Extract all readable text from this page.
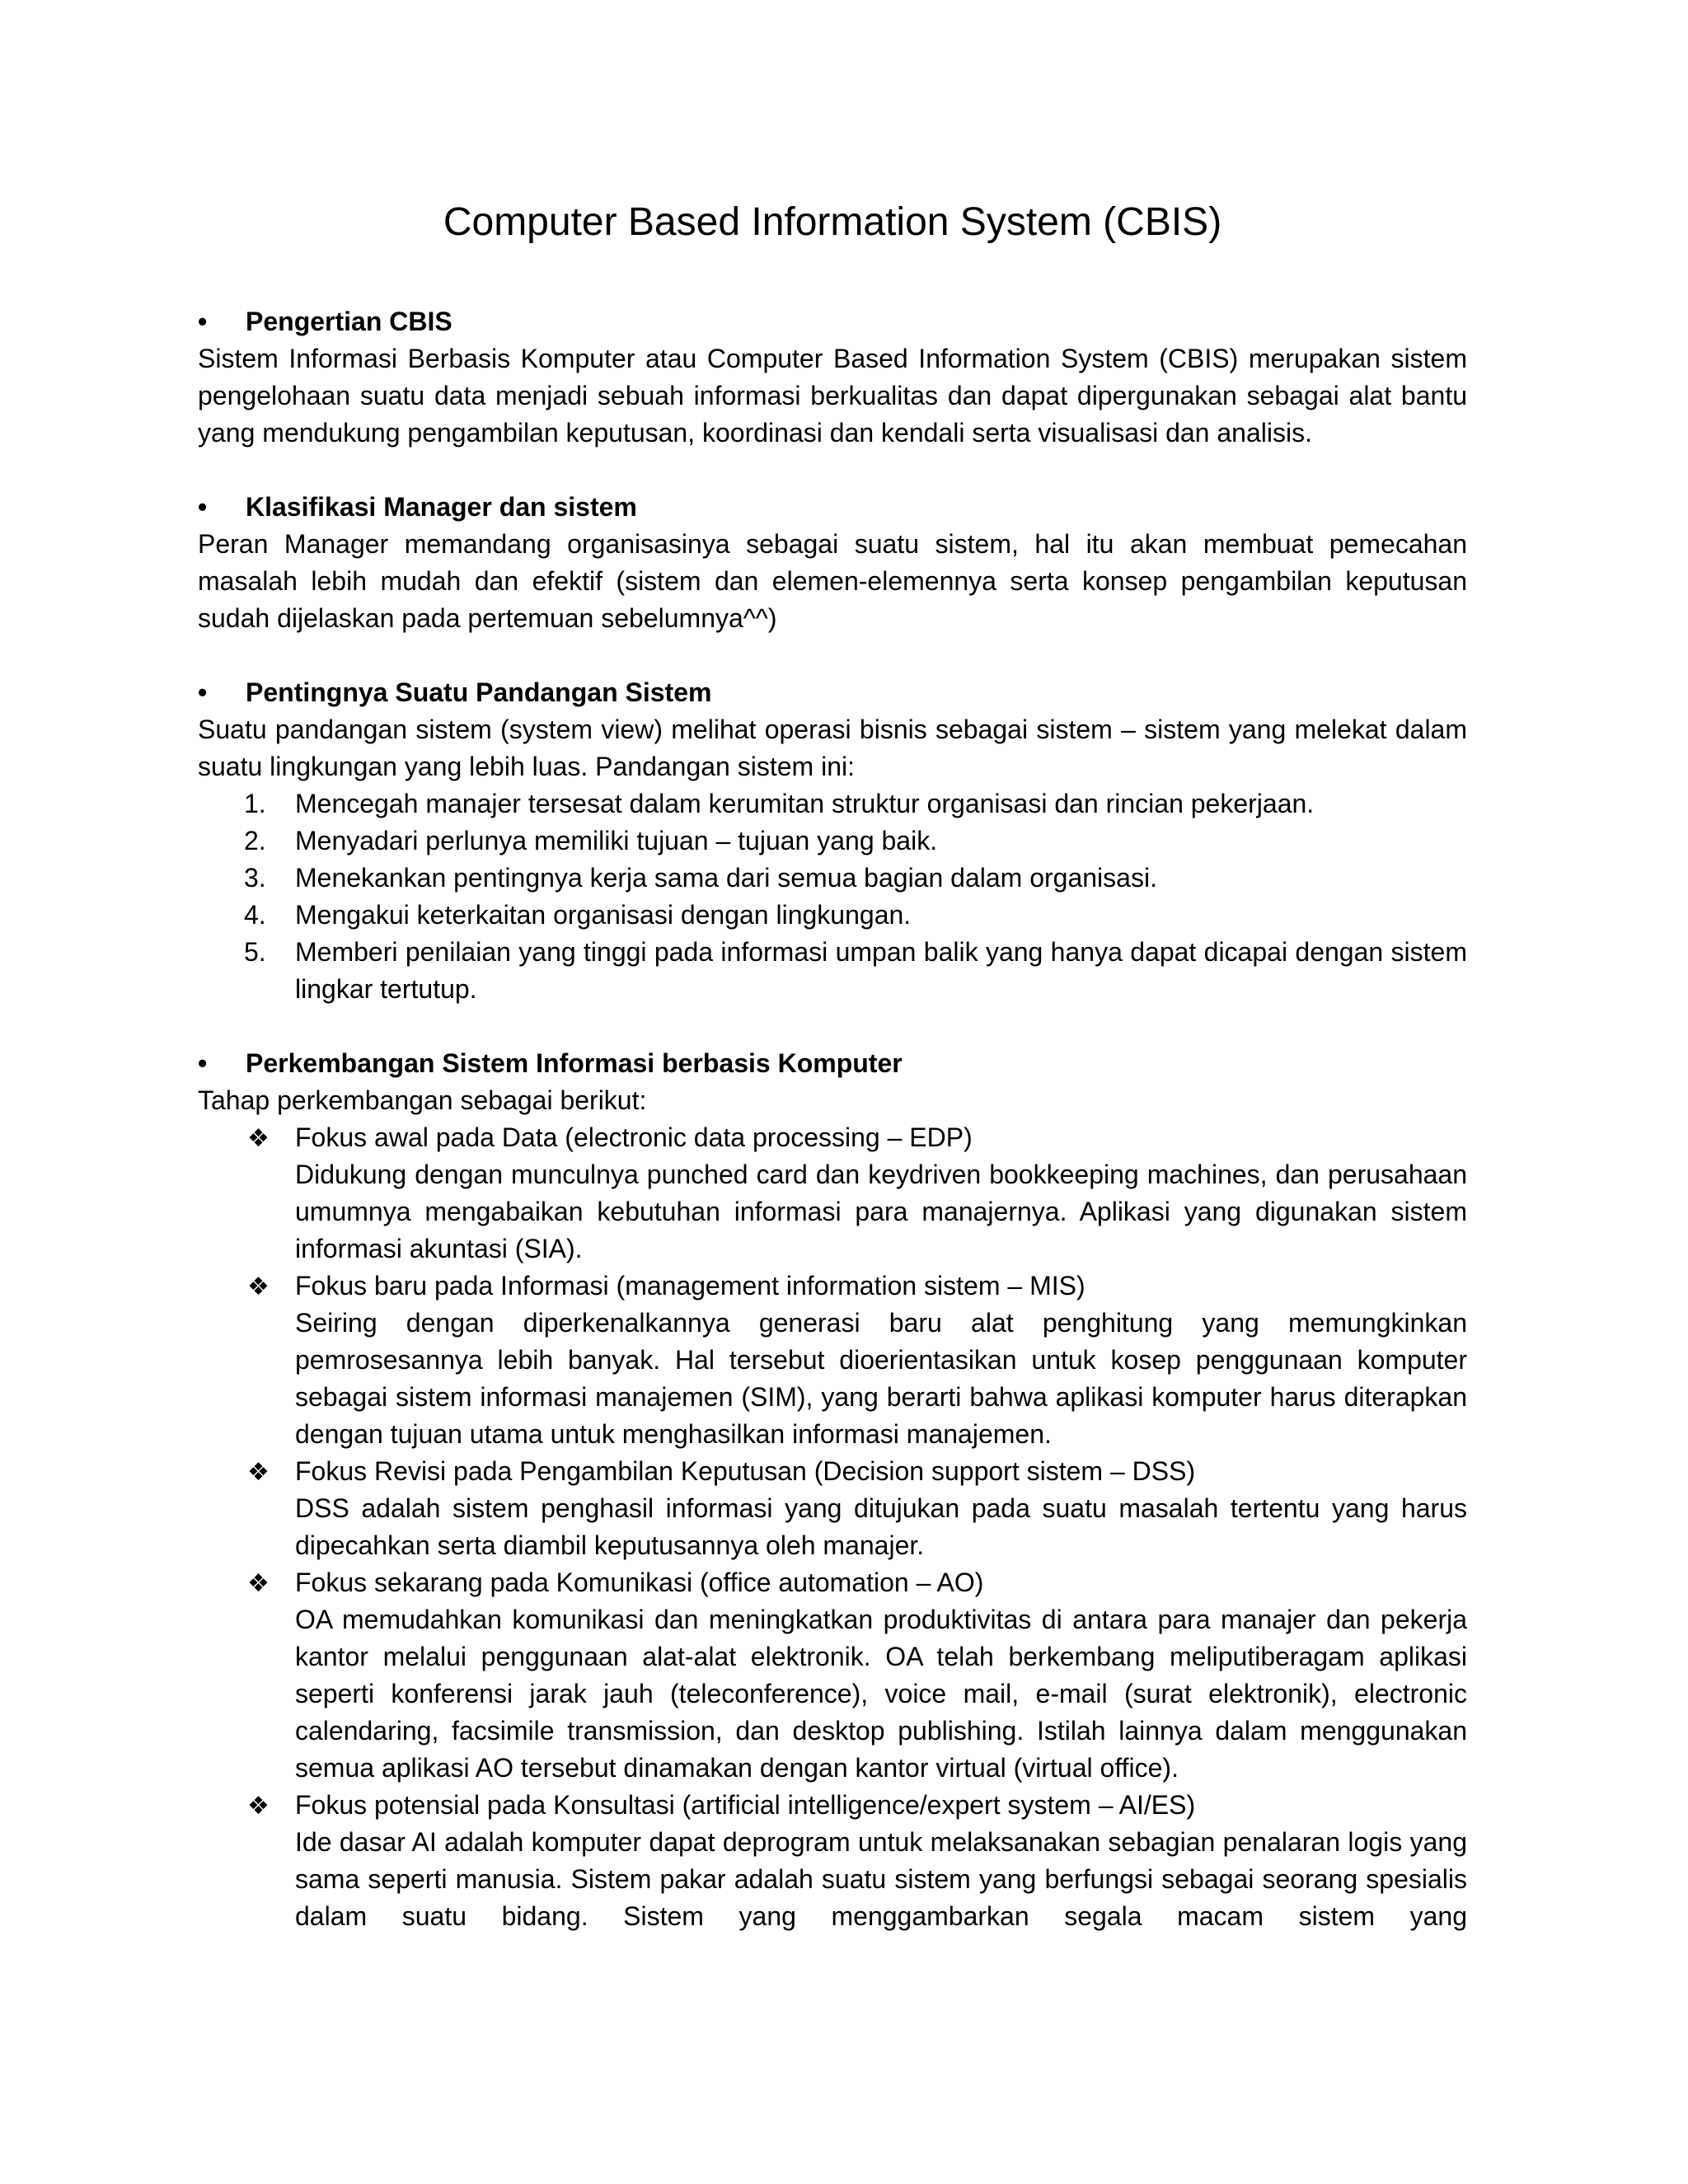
Computer Based Information System (CBIS)
• Pengertian CBIS

Sistem Informasi Berbasis Komputer atau Computer Based Information System (CBIS) merupakan sistem pengelohaan suatu data menjadi sebuah informasi berkualitas dan dapat dipergunakan sebagai alat bantu yang mendukung pengambilan keputusan, koordinasi dan kendali serta visualisasi dan analisis.

• Klasifikasi Manager dan sistem

Peran Manager memandang organisasinya sebagai suatu sistem, hal itu akan membuat pemecahan masalah lebih mudah dan efektif (sistem dan elemen-elemennya serta konsep pengambilan keputusan sudah dijelaskan pada pertemuan sebelumnya^^)

• Pentingnya Suatu Pandangan Sistem

Suatu pandangan sistem (system view) melihat operasi bisnis sebagai sistem – sistem yang melekat dalam suatu lingkungan yang lebih luas. Pandangan sistem ini:

1. Mencegah manajer tersesat dalam kerumitan struktur organisasi dan rincian pekerjaan.
2. Menyadari perlunya memiliki tujuan – tujuan yang baik.
3. Menekankan pentingnya kerja sama dari semua bagian dalam organisasi.
4. Mengakui keterkaitan organisasi dengan lingkungan.
5. Memberi penilaian yang tinggi pada informasi umpan balik yang hanya dapat dicapai dengan sistem lingkar tertutup.
• Perkembangan Sistem Informasi berbasis Komputer

Tahap perkembangan sebagai berikut:

❖ Fokus awal pada Data (electronic data processing – EDP)
Didukung dengan munculnya punched card dan keydriven bookkeeping machines, dan perusahaan umumnya mengabaikan kebutuhan informasi para manajernya. Aplikasi yang digunakan sistem informasi akuntasi (SIA).
❖ Fokus baru pada Informasi (management information sistem – MIS)
Seiring dengan diperkenalkannya generasi baru alat penghitung yang memungkinkan pemrosesannya lebih banyak. Hal tersebut dioerientasikan untuk kosep penggunaan komputer sebagai sistem informasi manajemen (SIM), yang berarti bahwa aplikasi komputer harus diterapkan dengan tujuan utama untuk menghasilkan informasi manajemen.
❖ Fokus Revisi pada Pengambilan Keputusan (Decision support sistem – DSS)
DSS adalah sistem penghasil informasi yang ditujukan pada suatu masalah tertentu yang harus dipecahkan serta diambil keputusannya oleh manajer.
❖ Fokus sekarang pada Komunikasi (office automation – AO)
OA memudahkan komunikasi dan meningkatkan produktivitas di antara para manajer dan pekerja kantor melalui penggunaan alat-alat elektronik. OA telah berkembang meliputiberagam aplikasi seperti konferensi jarak jauh (teleconference), voice mail, e-mail (surat elektronik), electronic calendaring, facsimile transmission, dan desktop publishing. Istilah lainnya dalam menggunakan semua aplikasi AO tersebut dinamakan dengan kantor virtual (virtual office).
❖ Fokus potensial pada Konsultasi (artificial intelligence/expert system – AI/ES)
Ide dasar AI adalah komputer dapat deprogram untuk melaksanakan sebagian penalaran logis yang sama seperti manusia. Sistem pakar adalah suatu sistem yang berfungsi sebagai seorang spesialis dalam suatu bidang. Sistem yang menggambarkan segala macam sistem yang
